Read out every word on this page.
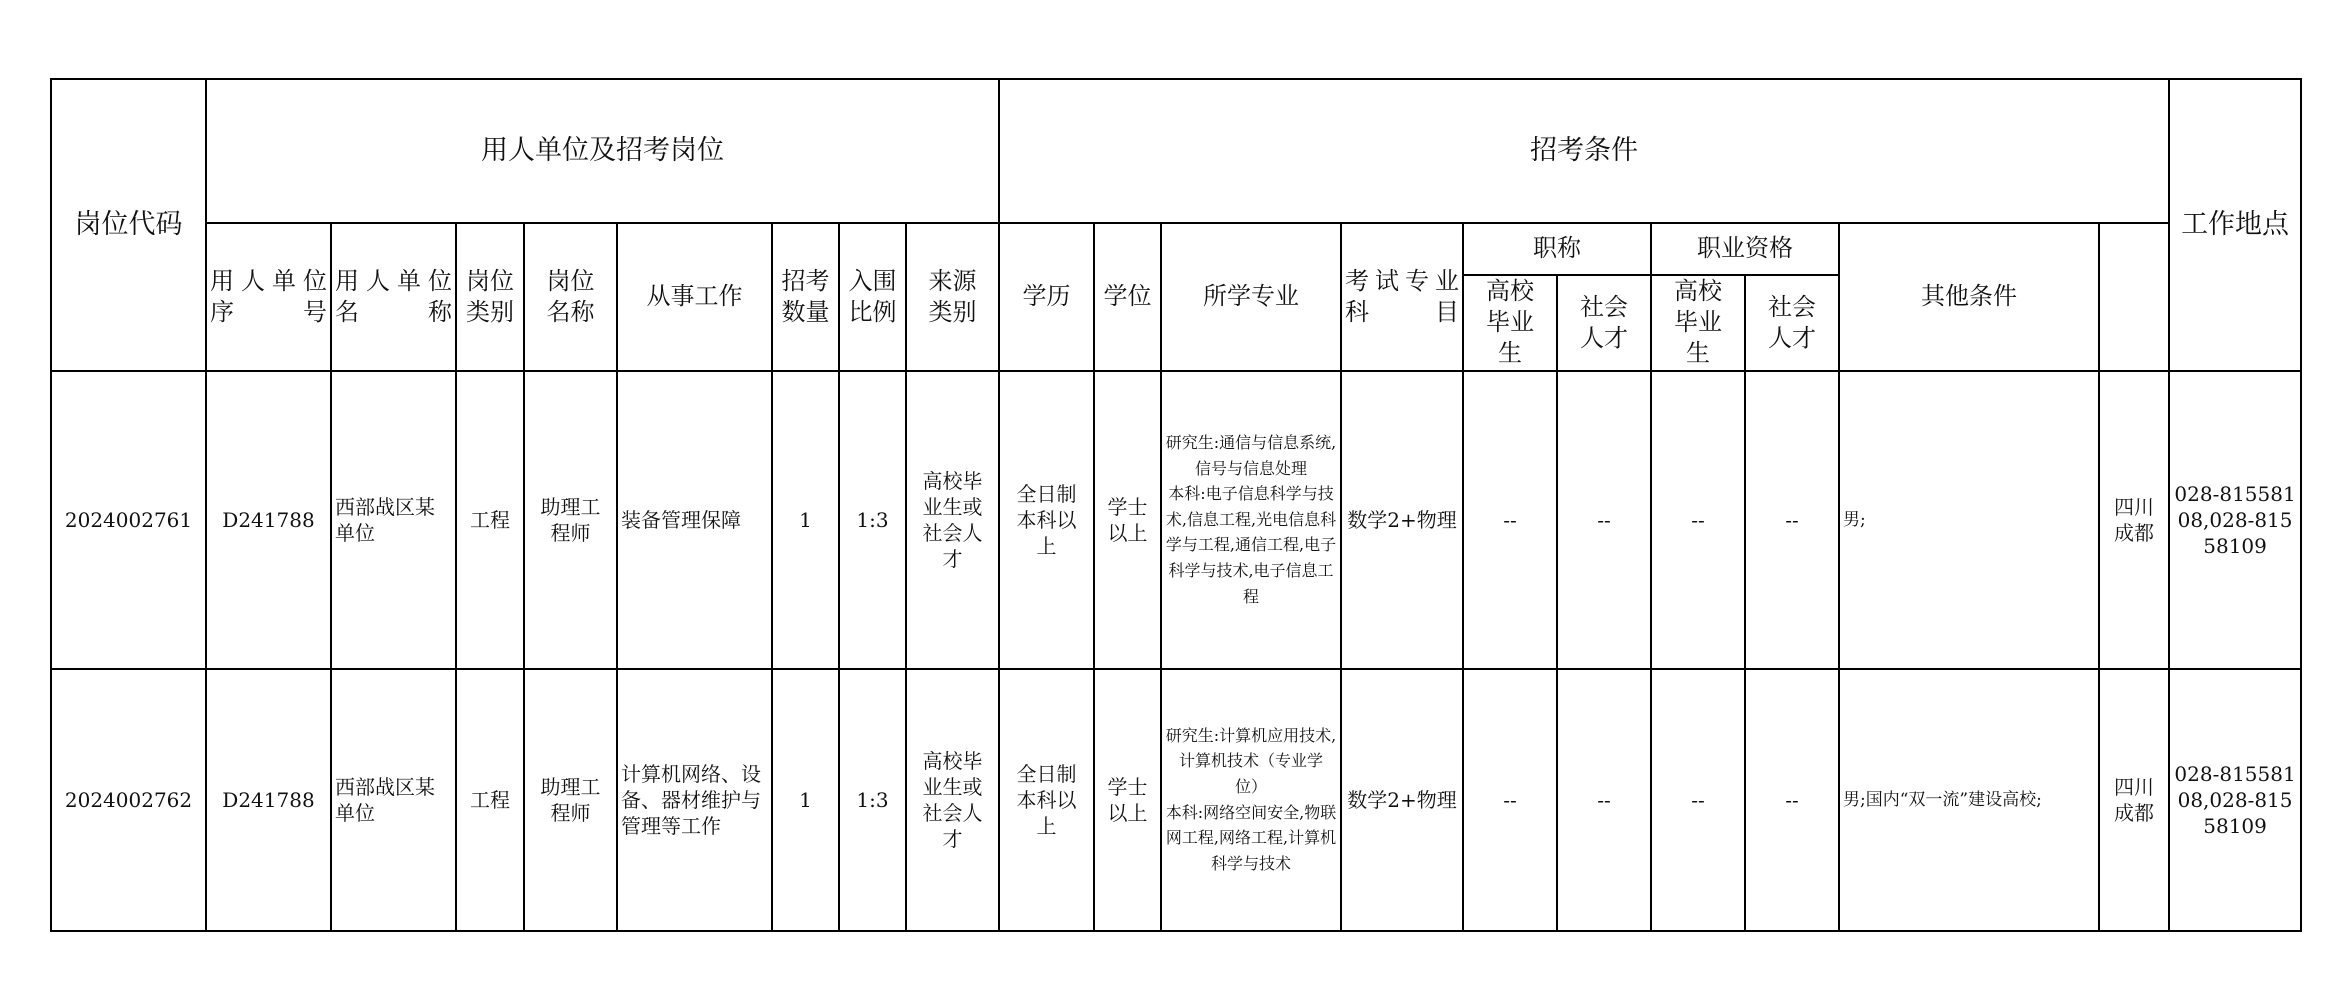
岗位代码	用人单位及招考岗位								招考条件										工作地点	
	用人单位序号	用人单位名称	岗位类别	岗位名称	从事工作	招考数量	入围比例	来源类别	学历	学位	所学专业	考试专业科目	职称		职业资格		其他条件			
													高校毕业生	社会人才	高校毕业生	社会人才				
2024002761	D241788	西部战区某单位	工程	助理工程师	装备管理保障	1	1:3	高校毕业生或社会人才	全日制本科以上	学士以上	研究生:通信与信息系统,信号与信息处理
本科:电子信息科学与技术,信息工程,光电信息科学与工程,通信工程,电子科学与技术,电子信息工程	数学2+物理	--	--	--	--	男;	四川成都	028-81558108,028-81558109	
2024002762	D241788	西部战区某单位	工程	助理工程师	计算机网络、设备、器材维护与管理等工作	1	1:3	高校毕业生或社会人才	全日制本科以上	学士以上	研究生:计算机应用技术,计算机技术（专业学位）
本科:网络空间安全,物联网工程,网络工程,计算机科学与技术	数学2+物理	--	--	--	--	男;国内“双一流”建设高校;	四川成都	028-81558108,028-81558109	
